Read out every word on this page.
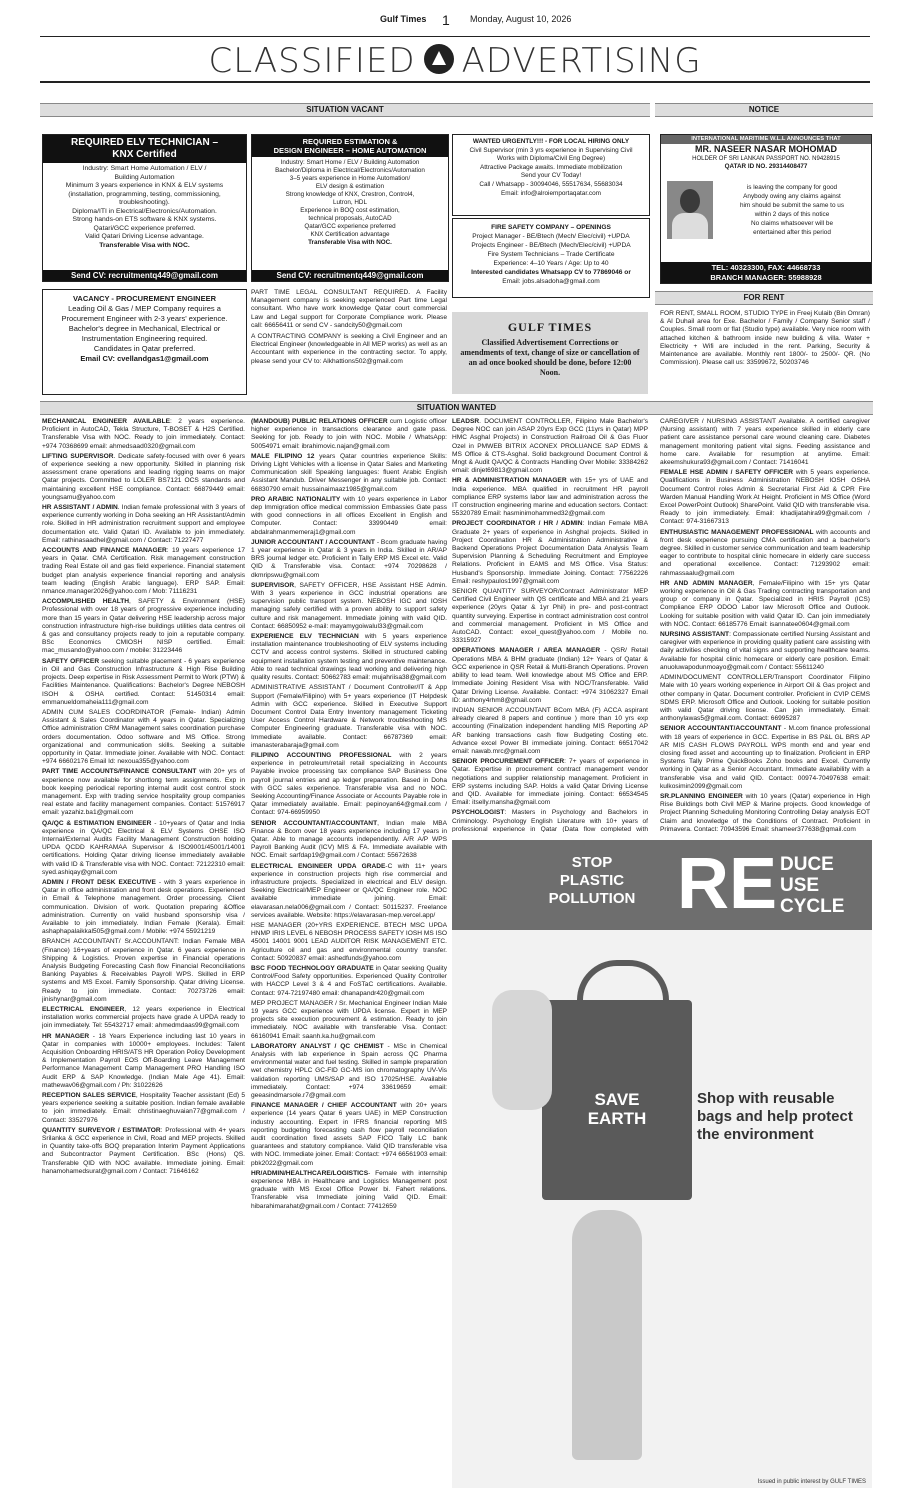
Gulf Times 1 Monday, August 10, 2026
CLASSIFIED ADVERTISING
SITUATION VACANT	NOTICE
REQUIRED ELV TECHNICIAN –
KNX Certified
Industry: Smart Home Automation / ELV /
Building Automation
Minimum 3 years experience in KNX & ELV systems
(installation, programming, testing, commissioning,
troubleshooting).
Diploma/ITI in Electrical/Electronics/Automation.
Strong hands-on ETS software & KNX systems.
Qatari/GCC experience preferred.
Valid Qatari Driving License advantage.
Transferable Visa with NOC.
Send CV: recruitmentq449@gmail.com
REQUIRED ESTIMATION &
DESIGN ENGINEER – HOME AUTOMATION
Industry: Smart Home / ELV / Building Automation
Bachelor/Diploma in Electrical/Electronics/Automation
3–5 years experience in Home Automation/
ELV design & estimation
Strong knowledge of KNX, Crestron, Control4,
Lutron, HDL
Experience in BOQ cost estimation,
technical proposals, AutoCAD
Qatar/GCC experience preferred
KNX Certification advantage
Transferable Visa with NOC.
Send CV: recruitmentq449@gmail.com
WANTED URGENTLY!!! - FOR LOCAL HIRING ONLY
Civil Supervisor (min 3 yrs experience in Supervising Civil
Works with Diploma/Civil Eng Degree)
Attractive Package awaits. Immediate mobilization
Send your CV Today!
Call / Whatsapp - 30094046, 55517634, 55683034
Email: info@alroiemportaqatar.com
FIRE SAFETY COMPANY – OPENINGS
Project Manager - BE/Btech (Mech/ Elec/civil) +UPDA
Projects Engineer - BE/Btech (Mech/Elec/civil) +UPDA
Fire System Technicians – Trade Certificate
Experience: 4–10 Years / Age: Up to 40
Interested candidates Whatsapp CV to 77869046 or
Email: jobs.alsadoha@gmail.com
INTERNATIONAL MARITIME W.L.L ANNOUNCES THAT
MR. NASEER NASAR MOHOMAD
HOLDER OF SRI LANKAN PASSPORT NO. N9428915
QATAR ID NO. 29314408477
is leaving the company for good
Anybody owing any claims against
him should be submit the same to us
within 2 days of this notice
No claims whatsoever will be
entertained after this period
TEL: 40323300, FAX: 44668733
BRANCH MANAGER: 55988928
FOR RENT
FOR RENT, SMALL ROOM, STUDIO TYPE in Freej Kulaib (Bin Omran) & Al Duhail area for Exe. Bachelor / Family / Company Senior staff / Couples. Small room or flat (Studio type) available. Very nice room with attached kitchen & bathroom inside new building & villa. Water + Electricity + Wifi are included in the rent. Parking, Security & Maintenance are available. Monthly rent 1800/- to 2500/- QR. (No Commission). Please call us: 33599672, 50203746
VACANCY - PROCUREMENT ENGINEER
Leading Oil & Gas / MEP Company requires a
Procurement Engineer with 2-3 years' experience.
Bachelor's degree in Mechanical, Electrical or
Instrumentation Engineering required.
Candidates in Qatar preferred.
Email CV: cvellandgas1@gmail.com

PART TIME LEGAL CONSULTANT REQUIRED. A Facility Management company is seeking experienced Part time Legal consultant. Who have work knowledge Qatar court commercial Law and Legal support for Corporate Compliance work. Please call: 66656411 or send CV - sandcity50@gmail.com

A CONTRACTING COMPANY is seeking a Civil Engineer and an Electrical Engineer (knowledgeable in All MEP works) as well as an Accountant with experience in the contracting sector. To apply, please send your CV to: Alkhattions502@gmail.com

GULF TIMES
Classified Advertisement Corrections or amendments of text, change of size or cancellation of an ad once booked should be done, before 12:00 Noon.
SITUATION WANTED

MECHANICAL ENGINEER AVAILABLE: 2 years experience. Proficient in AutoCAD, Tekla Structure, T-BOSET & H2S Certified. Transferable Visa with NOC. Ready to join immediately. Contact: +974 70368699 email: ahmedsaad0320@gmail.com

LIFTING SUPERVISOR. Dedicate safety-focused with over 6 years of experience seeking a new opportunity. Skilled in planning risk assessment crane operations and leading rigging teams on major Qatar projects. Committed to LOLER BS7121 OCS standards and maintaining excellent HSE compliance. Contact: 66879449 email: youngsamu@yahoo.com

HR ASSISTANT / ADMIN. Indian female professional with 3 years of experience currently working in Doha seeking an HR Assistant/Admin role. Skilled in HR administration recruitment support and employee documentation etc. Valid Qatari ID. Available to join immediately. Email: rathinasaadhel@gmail.com / Contact: 71227477

ACCOUNTS AND FINANCE MANAGER: 19 years experience 17 years in Qatar. CMA Certification. Risk management construction trading Real Estate oil and gas field experience. Financial statement budget plan analysis experience financial reporting and analysis team leading (English Arabic language). ERP SAP. Email: nmance.manager2026@yahoo.com / Mob: 71116231

ACCOMPLISHED HEALTH, SAFETY & Environment (HSE) Professional with over 18 years of progressive experience including more than 15 years in Qatar delivering HSE leadership across major construction infrastructure high-rise buildings utilities data centres oil & gas and consultancy projects ready to join a reputable company. BSc Economics CMIOSH NISP certified. Email: mac_musando@yahoo.com / mobile: 31223446

SAFETY OFFICER seeking suitable placement - 6 years experience in Oil and Gas Construction Infrastructure & High Rise Building projects. Deep expertise in Risk Assessment Permit to Work (PTW) & Facilities Maintenance. Qualifications: Bachelor's Degree NEBOSH ISOH & OSHA certified. Contact: 51450314 email: emmanueldomaheia111@gmail.com

ADMIN CUM SALES COORDINATOR (Female- Indian) Admin Assistant & Sales Coordinator with 4 years in Qatar. Specializing Office administration CRM Management sales coordination purchase orders documentation. Odoo software and MS Office. Strong organizational and communication skills. Seeking a suitable opportunity in Qatar. Immediate joiner. Available with NOC. Contact: +974 66602176 Email Id: nexoua355@yahoo.com

PART TIME ACCOUNTS/FINANCE CONSULTANT with 20+ yrs of experience now available for shortlong term assignments. Exp in book keeping periodical reporting internal audit cost control stock management. Exp with trading service hospitality group companies real estate and facility management companies. Contact: 51576917 email: yazahiz.ba1@gmail.com

QA/QC & ESTIMATION ENGINEER - 10+years of Qatar and India experience in QA/QC Electrical & ELV Systems OHSE ISO Internal/External Audits Facility Management Construction holding UPDA QCDD KAHRAMAA Supervisor & ISO9001/45001/14001 certifications. Holding Qatar driving license immediately available with valid ID & Transferable visa with NOC. Contact: 72122310 email: syed.ashiqay@gmail.com

ADMIN / FRONT DESK EXECUTIVE - with 3 years experience in Qatar in office administration and front desk operations. Experienced in Email & Telephone management. Order processing. Client communication. Division of work. Quotation preparing &Office administration. Currently on valid husband sponsorship visa / Available to join immediately. Indian Female (Kerala). Email: ashaphapalaikkal505@gmail.com / Mobile: +974 55921219

BRANCH ACCOUNTANT/ Sr.ACCOUNTANT: Indian Female MBA (Finance) 16+years of experience in Qatar. 6 years experience in Shipping & Logistics. Proven expertise in Financial operations Analysis Budgeting Forecasting Cash flow Financial Reconciliations Banking Payables & Receivables Payroll WPS. Skilled in ERP systems and MS Excel. Family Sponsorship. Qatar driving License. Ready to join immediate. Contact: 70273726 email: jinishynar@gmail.com

ELECTRICAL ENGINEER, 12 years experience in Electrical installation works commercial projects have grade A UPDA ready to join immediately. Tel: 55432717 email: ahmedmdaas99@gmail.com

HR MANAGER - 18 Years Experience including last 10 years in Qatar in companies with 10000+ employees. Includes: Talent Acquisition Onboarding HRIS/ATS HR Operation Policy Development & Implementation Payroll EOS Off-Boarding Leave Management Performance Management Camp Management PRO Handling ISO Audit ERP & SAP Knowledge. (Indian Male Age 41). Email: mathewav06@gmail.com / Ph: 31022626

RECEPTION SALES SERVICE, Hospitality Teacher assistant (Ed) 5 years experience seeking a suitable position. Indian female available to join immediately. Email: christinaeghuvaian77@gmail.com / Contact: 33527976

QUANTITY SURVEYOR / ESTIMATOR: Professional with 4+ years Srilanka & GCC experience in Civil, Road and MEP projects. Skilled in Quantity take-offs BOQ preparation Interim Payment Applications and Subcontractor Payment Certification. BSc (Hons) QS. Transferable QID with NOC available. Immediate joining. Email: hanamohamedsurat@gmail.com / Contact: 71646162

(MANDOUB) PUBLIC RELATIONS OFFICER cum Logistic officer higher experience in transactions clearance and gate pass. Seeking for job. Ready to join with NOC. Mobile / WhatsApp: 50054971 email: ibrahimovic.najan@gmail.com

MALE FILIPINO 12 years Qatar countries experience Skills: Driving Light Vehicles with a license in Qatar Sales and Marketing Communication skill Speaking languages: fluent Arabic English Assistant Mandub. Driver Messenger in any suitable job. Contact: 66830790 email: hussainaimaaz1985@gmail.com

PRO ARABIC NATIONALITY with 10 years experience in Labor dep Immigration office medical commission Embassies Gate pass with good connections in all offices Excellent in English and Computer. Contact: 33990449 email: abdalrahmanmemeraj1@gmail.com

JUNIOR ACCOUNTANT / ACCOUNTANT - Bcom graduate having 1 year experience in Qatar & 3 years in India. Skilled in AR/AP BRS journal ledger etc. Proficient in Tally ERP MS Excel etc. Valid QID & Transferable visa. Contact: +974 70298628 / dkmripswu@gmail.com

SUPERVISOR, SAFETY OFFICER, HSE Assistant HSE Admin. With 3 years experience in GCC industrial operations are supervision public transport system. NEBOSH IGC and IOSH managing safely certified with a proven ability to support safety culture and risk management. Immediate joining with valid QID. Contact: 66850952 e-mail: mayamygoiwalul33@gmail.com

EXPERIENCE ELV TECHNICIAN with 5 years experience installation maintenance troubleshooting of ELV systems including CCTV and access control systems. Skilled in structured cabling equipment installation system testing and preventive maintenance. Able to read technical drawings lead working and delivering high quality results. Contact: 50662783 email: mujahriisa38@gmail.com

ADMINISTRATIVE ASSISTANT / Document Controller/IT & App Support (Female/Filipino) with 5+ years experience (IT Helpdesk Admin with GCC experience. Skilled in Executive Support Document Control Data Entry Inventory management Ticketing User Access Control Hardware & Network troubleshooting MS Computer Engineering graduate. Transferable visa with NOC. Immediate available. Contact: 66787369 email: imanasterabaraja@gmail.com

FILIPINO ACCOUNTING PROFESSIONAL with 2 years experience in petroleum/retail retail specializing in Accounts Payable invoice processing tax compliance SAP Business One payroll journal entries and ap ledger preparation. Based in Doha with GCC sales experience. Transferable visa and no NOC. Seeking Accounting/Finance Associate or Accounts Payable role in Qatar immediately available. Email: pepinoyan64@gmail.com / Contact: 974-66959950

SENIOR ACCOUNTANT/ACCOUNTANT, Indian male MBA Finance & Bcom over 18 years experience including 17 years in Qatar. Able to manage accounts independently. A/R A/P WPS Payroll Banking Audit (ICV) MIS & FA. Immediate available with NOC. Email: sarfdap19@gmail.com / Contact: 55672638

ELECTRICAL ENGINEER UPDA GRADE-C with 11+ years experience in construction projects high rise commercial and infrastructure projects. Specialized in electrical and ELV design. Seeking Electrical/MEP Engineer or QA/QC Engineer role. NOC available immediate joining. Email: elavarasan.nela006@gmail.com / Contact: 50115237. Freelance services available. Website: https://elavarasan-mep.vercel.app/

HSE MANAGER (20+YRS EXPERIENCE. BTECH MSC UPDA HNMP IRIS LEVEL 6 NEBOSH PROCESS SAFETY IOSH MS ISO 45001 14001 9001 LEAD AUDITOR RISK MANAGEMENT ETC. Agriculture oil and gas and environmental country transfer. Contact: 50920837 email: ashedfunds@yahoo.com

BSC FOOD TECHNOLOGY GRADUATE in Qatar seeking Quality Control/Food Safety opportunities. Experienced Quality Controller with HACCP Level 3 & 4 and FoSTaC certifications. Available. Contact: 974-72197480 email: dhanapandr420@gmail.com

MEP PROJECT MANAGER / Sr. Mechanical Engineer Indian Male 19 years GCC experience with UPDA license. Expert in MEP projects site execution procurement & estimation. Ready to join immediately. NOC available with transferable Visa. Contact: 66160941 Email: saanh.ka.hu@gmail.com

LABORATORY ANALYST / QC CHEMIST - MSc in Chemical Analysis with lab experience in Spain across QC Pharma environmental water and fuel testing. Skilled in sample preparation wet chemistry HPLC GC-FID GC-MS ion chromatography UV-Vis validation reporting UMS/SAP and ISO 17025/HSE. Available immediately. Contact: +974 33619659 email: geeasindmarsole.r7@gmail.com

FINANCE MANAGER / CHIEF ACCOUNTANT with 20+ years experience (14 years Qatar 6 years UAE) in MEP Construction industry accounting. Expert in IFRS financial reporting MIS reporting budgeting forecasting cash flow payroll reconciliation audit coordination fixed assets SAP FICO Tally LC bank guarantees and statutory compliance. Valid QID transferable visa with NOC. Immediate joiner. Email: Contact: +974 66561903 email: pbk2022@gmail.com

HR/ADMIN/HEALTHCARE/LOGISTICS- Female with internship experience MBA in Healthcare and Logistics Management post graduate with MS Excel Office Power bi. Fahert relations. Transferable visa Immediate joining Valid QID. Email: hibarahimarahat@gmail.com / Contact: 77412659

LEADSR. DOCUMENT CONTROLLER, Filipino Male Bachelor's Degree NOC can join ASAP 20yrs Exp GCC (11yrs in Qatar) MPP HMC Asghal Projects) in Construction Railroad Oil & Gas Fluor Ozel in PMWEB BITRIX ACONEX PROLUANCE SAP EDMS & MS Office & CTS-Asghal. Solid background Document Control & Mngt & Audit QA/QC & Contracts Handling Over Mobile: 33384262 email: dinjet69813@gmail.com

HR & ADMINISTRATION MANAGER with 15+ yrs of UAE and India experience. MBA qualified in recruitment HR payroll compliance ERP systems labor law and administration across the IT construction engineering marine and education sectors. Contact: 55320789 Email: hasminimohammed32@gmail.com

PROJECT COORDINATOR / HR / ADMIN: Indian Female MBA Graduate 2+ years of experience in Ashghal projects. Skilled in Project Coordination HR & Administration Administrative & Backend Operations Project Documentation Data Analysis Team Supervision Planning & Scheduling Recruitment and Employee Relations. Proficient in EAMS and MS Office. Visa Status: Husband's Sponsorship. Immediate Joining. Contact: 77562226 Email: reshypaulos1997@gmail.com

SENIOR QUANTITY SURVEYOR/Contract Administrator MEP Certified Civil Engineer with QS certificate and MBA and 21 years experience (20yrs Qatar & 1yr Phil) in pre- and post-contract quantity surveying. Expertise in contract administration cost control and commercial management. Proficient in MS Office and AutoCAD. Contact: excel_quest@yahoo.com / Mobile no. 33315927

OPERATIONS MANAGER / AREA MANAGER - QSR/ Retail Operations MBA & BHM graduate (Indian) 12+ Years of Qatar & GCC experience in QSR Retail & Multi-Branch Operations. Proven ability to lead team. Well knowledge about MS Office and ERP. Immediate Joining Resident Visa with NOC/Transferable. Valid Qatar Driving License. Available. Contact: +974 31062327 Email ID: anthony4rhm8@gmail.com

INDIAN SENIOR ACCOUNTANT BCom MBA (F) ACCA aspirant already cleared 8 papers and continue ) more than 10 yrs exp accounting (Finalization independent handling MIS Reporting AP AR banking transactions cash flow Budgeting Costing etc. Advance excel Power BI immediate joining. Contact: 66517042 email: nawab.mrc@gmail.com

SENIOR PROCUREMENT OFFICER: 7+ years of experience in Qatar. Expertise in procurement contract management vendor negotiations and supplier relationship management. Proficient in ERP systems including SAP. Holds a valid Qatar Driving License and QID. Available for immediate joining. Contact: 66534545 Email: itselly.mansha@gmail.com

PSYCHOLOGIST: Masters in Psychology and Bachelors in Criminology. Psychology English Literature with 10+ years of professional experience in Qatar (Data flow completed with

CAREGIVER / NURSING ASSISTANT Available. A certified caregiver (Nursing assistant) with 7 years experience skilled in elderly care patient care assistance personal care wound cleaning care. Diabetes management monitoring patient vital signs. Feeding assistance and home care. Available for resumption at anytime. Email: akeemshukura93@gmail.com / Contact: 71416041

FEMALE HSE ADMIN / SAFETY OFFICER with 5 years experience. Qualifications in Business Administration NEBOSH IOSH OSHA Document Control roles Admin & Secretarial First Aid & CPR Fire Warden Manual Handling Work At Height. Proficient in MS Office (Word Excel PowerPoint Outlook) SharePoint. Valid QID with transferable visa. Ready to join immediately. Email: khadijatahira99@gmail.com / Contact: 974-31667313

ENTHUSIASTIC MANAGEMENT PROFESSIONAL with accounts and front desk experience pursuing CMA certification and a bachelor's degree. Skilled in customer service communication and team leadership eager to contribute to hospital clinic homecare in elderly care success and operational excellence. Contact: 71293902 email: rahmassaalu@gmail.com

HR AND ADMIN MANAGER, Female/Filipino with 15+ yrs Qatar working experience in Oil & Gas Trading contracting transportation and group or company in Qatar. Specialized in HRIS Payroll (ICS) Compliance ERP ODOO Labor law Microsoft Office and Outlook. Looking for suitable position with valid Qatar ID. Can join immediately with NOC. Contact: 66185776 Email: isannatee0604@gmail.com

NURSING ASSISTANT: Compassionate certified Nursing Assistant and caregiver with experience in providing quality patient care assisting with daily activities checking of vital signs and supporting healthcare teams. Available for hospital clinic homecare or elderly care position. Email: anuoluwapodunmoayo@gmail.com / Contact: 55611240

ADMIN/DOCUMENT CONTROLLER/Transport Coordinator Filipino Male with 10 years working experience in Airport Oil & Gas project and other company in Qatar. Document controller. Proficient in CVIP CEMS SDMS ERP. Microsoft Office and Outlook. Looking for suitable position with valid Qatar driving license. Can join immediately. Email: anthonylawas5@gmail.com. Contact: 66995287

SENIOR ACCOUNTANT/ACCOUNTANT - M.com finance professional with 18 years of experience in GCC. Expertise in BS P&L GL BRS AP AR MIS CASH FLOWS PAYROLL WPS month end and year end closing fixed asset and accounting up to finalization. Proficient in ERP Systems Tally Prime QuickBooks Zoho books and Excel. Currently working in Qatar as a Senior Accountant. Immediate availability with a transferable visa and valid QID. Contact: 00974-70497638 email: kulkosimin2099@gmail.com

SR.PLANNING ENGINEER with 10 years (Qatar) experience in High Rise Buildings both Civil MEP & Marine projects. Good knowledge of Project Planning Scheduling Monitoring Controlling Delay analysis EOT Claim and knowledge of the Conditions of Contract. Proficient in Primavera. Contact: 70943596 Email: shameer377638@gmail.com

STOP
PLASTIC
POLLUTION RE DUCE
USE
CYCLE
SAVE
EARTH
Shop with reusable bags and help protect the environment
Issued in public interest by GULF TIMES
